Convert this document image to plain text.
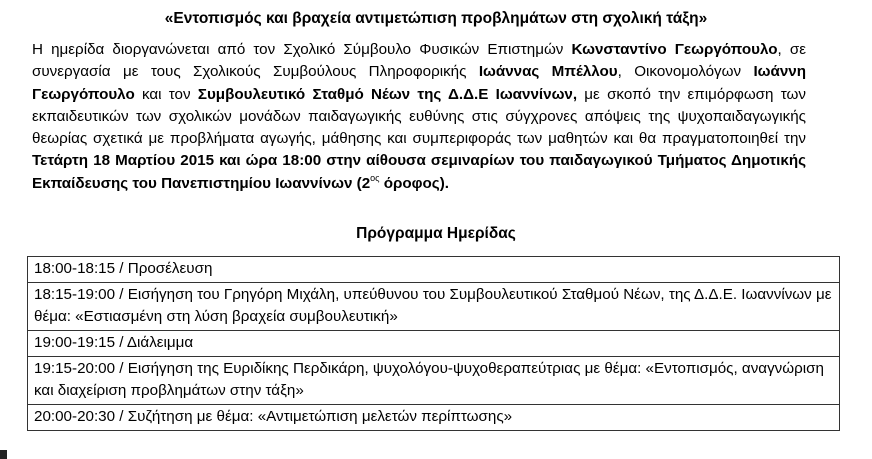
«Εντοπισμός και βραχεία αντιμετώπιση προβλημάτων στη σχολική τάξη»
Η ημερίδα διοργανώνεται από τον Σχολικό Σύμβουλο Φυσικών Επιστημών Κωνσταντίνο Γεωργόπουλο, σε συνεργασία με τους Σχολικούς Συμβούλους Πληροφορικής Ιωάννας Μπέλλου, Οικονομολόγων Ιωάννη Γεωργόπουλο και τον Συμβουλευτικό Σταθμό Νέων της Δ.Δ.Ε Ιωαννίνων, με σκοπό την επιμόρφωση των εκπαιδευτικών των σχολικών μονάδων παιδαγωγικής ευθύνης στις σύγχρονες απόψεις της ψυχοπαιδαγωγικής θεωρίας σχετικά με προβλήματα αγωγής, μάθησης και συμπεριφοράς των μαθητών και θα πραγματοποιηθεί την Τετάρτη 18 Μαρτίου 2015 και ώρα 18:00 στην αίθουσα σεμιναρίων του παιδαγωγικού Τμήματος Δημοτικής Εκπαίδευσης του Πανεπιστημίου Ιωαννίνων ($2^{o\varsigma}$ όροφος).
Πρόγραμμα Ημερίδας
18:00-18:15 / Προσέλευση
18:15-19:00 / Εισήγηση του Γρηγόρη Μιχάλη, υπεύθυνου του Συμβουλευτικού Σταθμού Νέων, της Δ.Δ.Ε. Ιωαννίνων με θέμα: «Εστιασμένη στη λύση βραχεία συμβουλευτική»
19:00-19:15 / Διάλειμμα
19:15-20:00 / Εισήγηση της Ευριδίκης Περδικάρη, ψυχολόγου-ψυχοθεραπεύτριας με θέμα: «Εντοπισμός, αναγνώριση και διαχείριση προβλημάτων στην τάξη»
20:00-20:30 / Συζήτηση με θέμα: «Αντιμετώπιση μελετών περίπτωσης»
